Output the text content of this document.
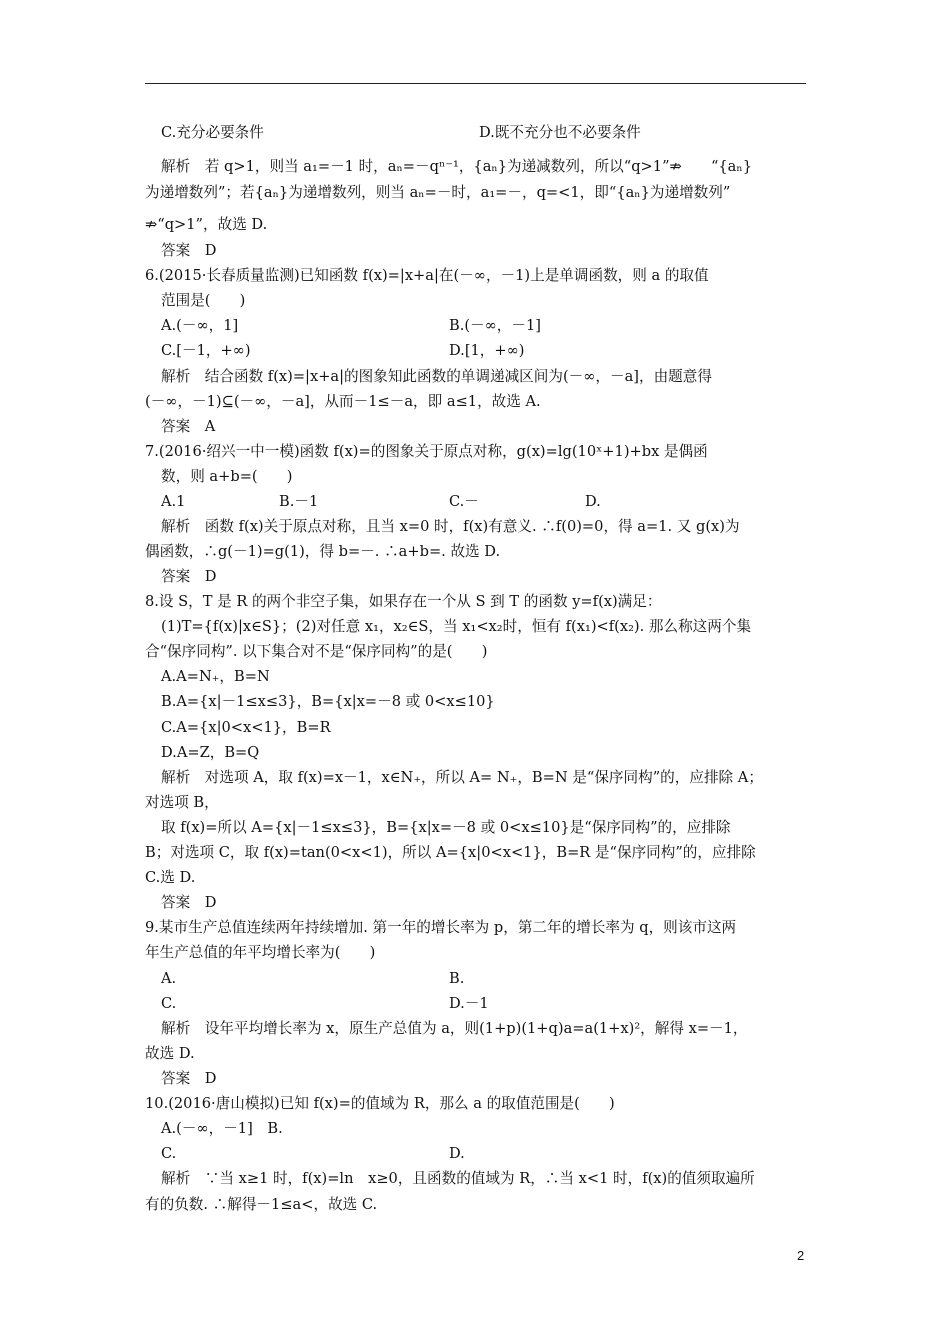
C.充分必要条件	D.既不充分也不必要条件
解析　若 q>1，则当 a₁=－1 时，aₙ=－qⁿ⁻¹，{aₙ}为递减数列，所以“q>1”⇏　　“{aₙ}
为递增数列”；若{aₙ}为递增数列，则当 aₙ=－时，a₁=－，q=<1，即“{aₙ}为递增数列”
⇏“q>1”，故选 D.
答案　D
6.(2015·长春质量监测)已知函数 f(x)=|x+a|在(－∞，－1)上是单调函数，则 a 的取值
范围是(　　)
A.(－∞，1]	B.(－∞，－1]
C.[－1，+∞)	D.[1，+∞)
解析　结合函数 f(x)=|x+a|的图象知此函数的单调递减区间为(－∞，－a]，由题意得
(－∞，－1)⊆(－∞，－a]，从而－1≤－a，即 a≤1，故选 A.
答案　A
7.(2016·绍兴一中一模)函数 f(x)=的图象关于原点对称，g(x)=lg(10ˣ+1)+bx 是偶函
数，则 a+b=(　　)
A.1	B.－1	C.－	D.
解析　函数 f(x)关于原点对称，且当 x=0 时，f(x)有意义. ∴f(0)=0，得 a=1. 又 g(x)为
偶函数，∴g(－1)=g(1)，得 b=－. ∴a+b=. 故选 D.
答案　D
8.设 S，T 是 R 的两个非空子集，如果存在一个从 S 到 T 的函数 y=f(x)满足：
(1)T={f(x)|x∈S}；(2)对任意 x₁，x₂∈S，当 x₁<x₂时，恒有 f(x₁)<f(x₂). 那么称这两个集
合“保序同构”. 以下集合对不是“保序同构”的是(　　)
A.A=N₊，B=N
B.A={x|－1≤x≤3}，B={x|x=－8 或 0<x≤10}
C.A={x|0<x<1}，B=R
D.A=Z，B=Q
解析　对选项 A，取 f(x)=x－1，x∈N₊，所以 A= N₊，B=N 是“保序同构”的，应排除 A；
对选项 B，
取 f(x)=所以 A={x|－1≤x≤3}，B={x|x=－8 或 0<x≤10}是“保序同构”的，应排除
B；对选项 C，取 f(x)=tan(0<x<1)，所以 A={x|0<x<1}，B=R 是“保序同构”的，应排除
C.选 D.
答案　D
9.某市生产总值连续两年持续增加. 第一年的增长率为 p，第二年的增长率为 q，则该市这两
年生产总值的年平均增长率为(　　)
A.	B.
C.	D.－1
解析　设年平均增长率为 x，原生产总值为 a，则(1+p)(1+q)a=a(1+x)²，解得 x=－1，
故选 D.
答案　D
10.(2016·唐山模拟)已知 f(x)=的值域为 R，那么 a 的取值范围是(　　)
A.(－∞，－1]　B.
C.	D.
解析　∵当 x≥1 时，f(x)=ln　x≥0，且函数的值域为 R，∴当 x<1 时，f(x)的值须取遍所
有的负数. ∴解得－1≤a<，故选 C.
2
